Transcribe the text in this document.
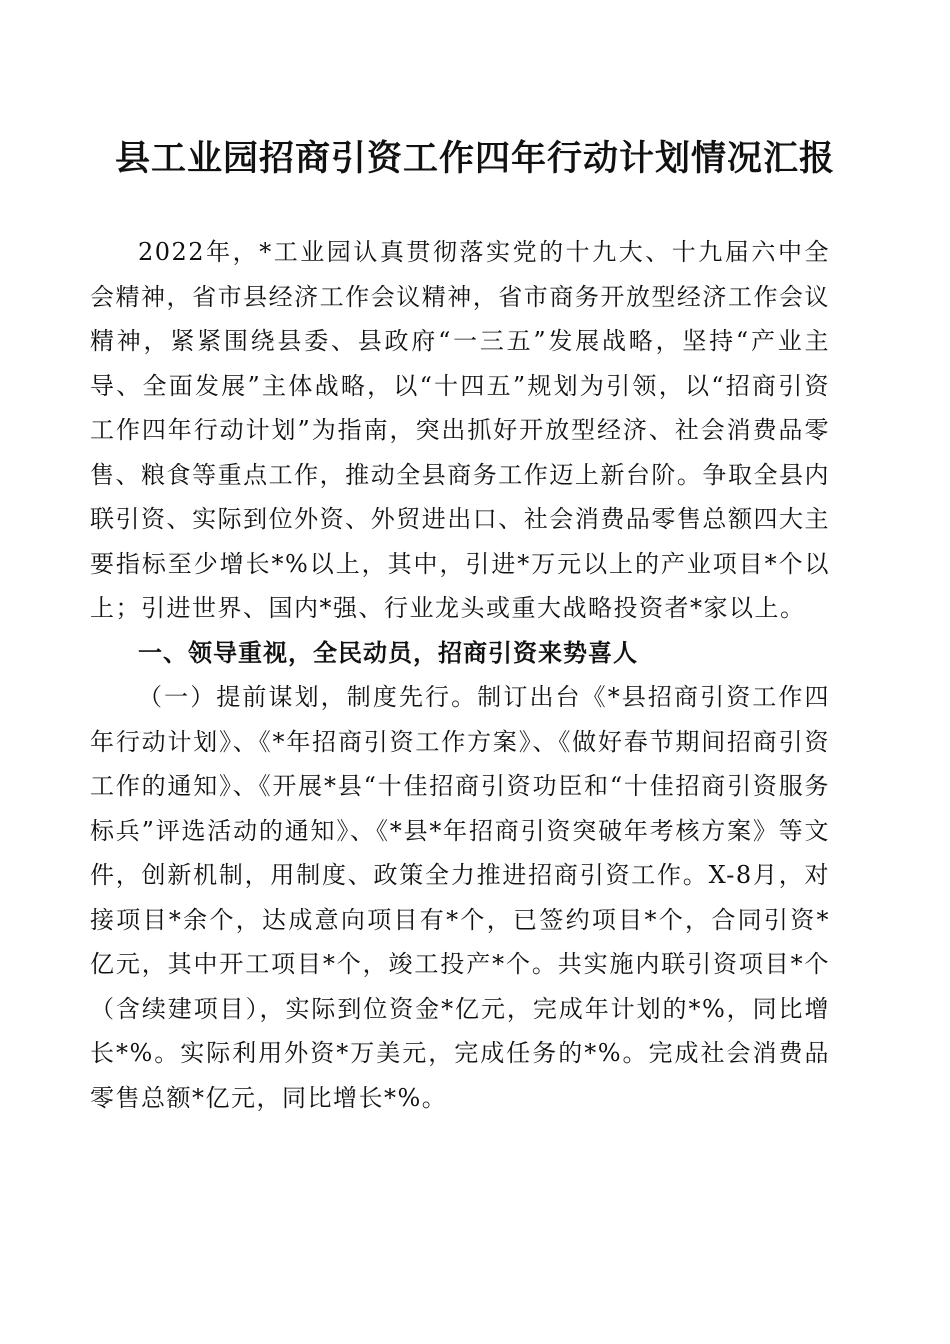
县工业园招商引资工作四年行动计划情况汇报

2022年，*工业园认真贯彻落实党的十九大、十九届六中全会精神，省市县经济工作会议精神，省市商务开放型经济工作会议精神，紧紧围绕县委、县政府“一三五”发展战略，坚持“产业主导、全面发展”主体战略，以“十四五”规划为引领，以“招商引资工作四年行动计划”为指南，突出抓好开放型经济、社会消费品零售、粮食等重点工作，推动全县商务工作迈上新台阶。争取全县内联引资、实际到位外资、外贸进出口、社会消费品零售总额四大主要指标至少增长*%以上，其中，引进*万元以上的产业项目*个以上；引进世界、国内*强、行业龙头或重大战略投资者*家以上。

一、领导重视，全民动员，招商引资来势喜人

（一）提前谋划，制度先行。制订出台《*县招商引资工作四年行动计划》、《*年招商引资工作方案》、《做好春节期间招商引资工作的通知》、《开展*县“十佳招商引资功臣和“十佳招商引资服务标兵”评选活动的通知》、《*县*年招商引资突破年考核方案》等文件，创新机制，用制度、政策全力推进招商引资工作。X-8月，对接项目*余个，达成意向项目有*个，已签约项目*个，合同引资*亿元，其中开工项目*个，竣工投产*个。共实施内联引资项目*个（含续建项目），实际到位资金*亿元，完成年计划的*%，同比增长*%。实际利用外资*万美元，完成任务的*%。完成社会消费品零售总额*亿元，同比增长*%。
